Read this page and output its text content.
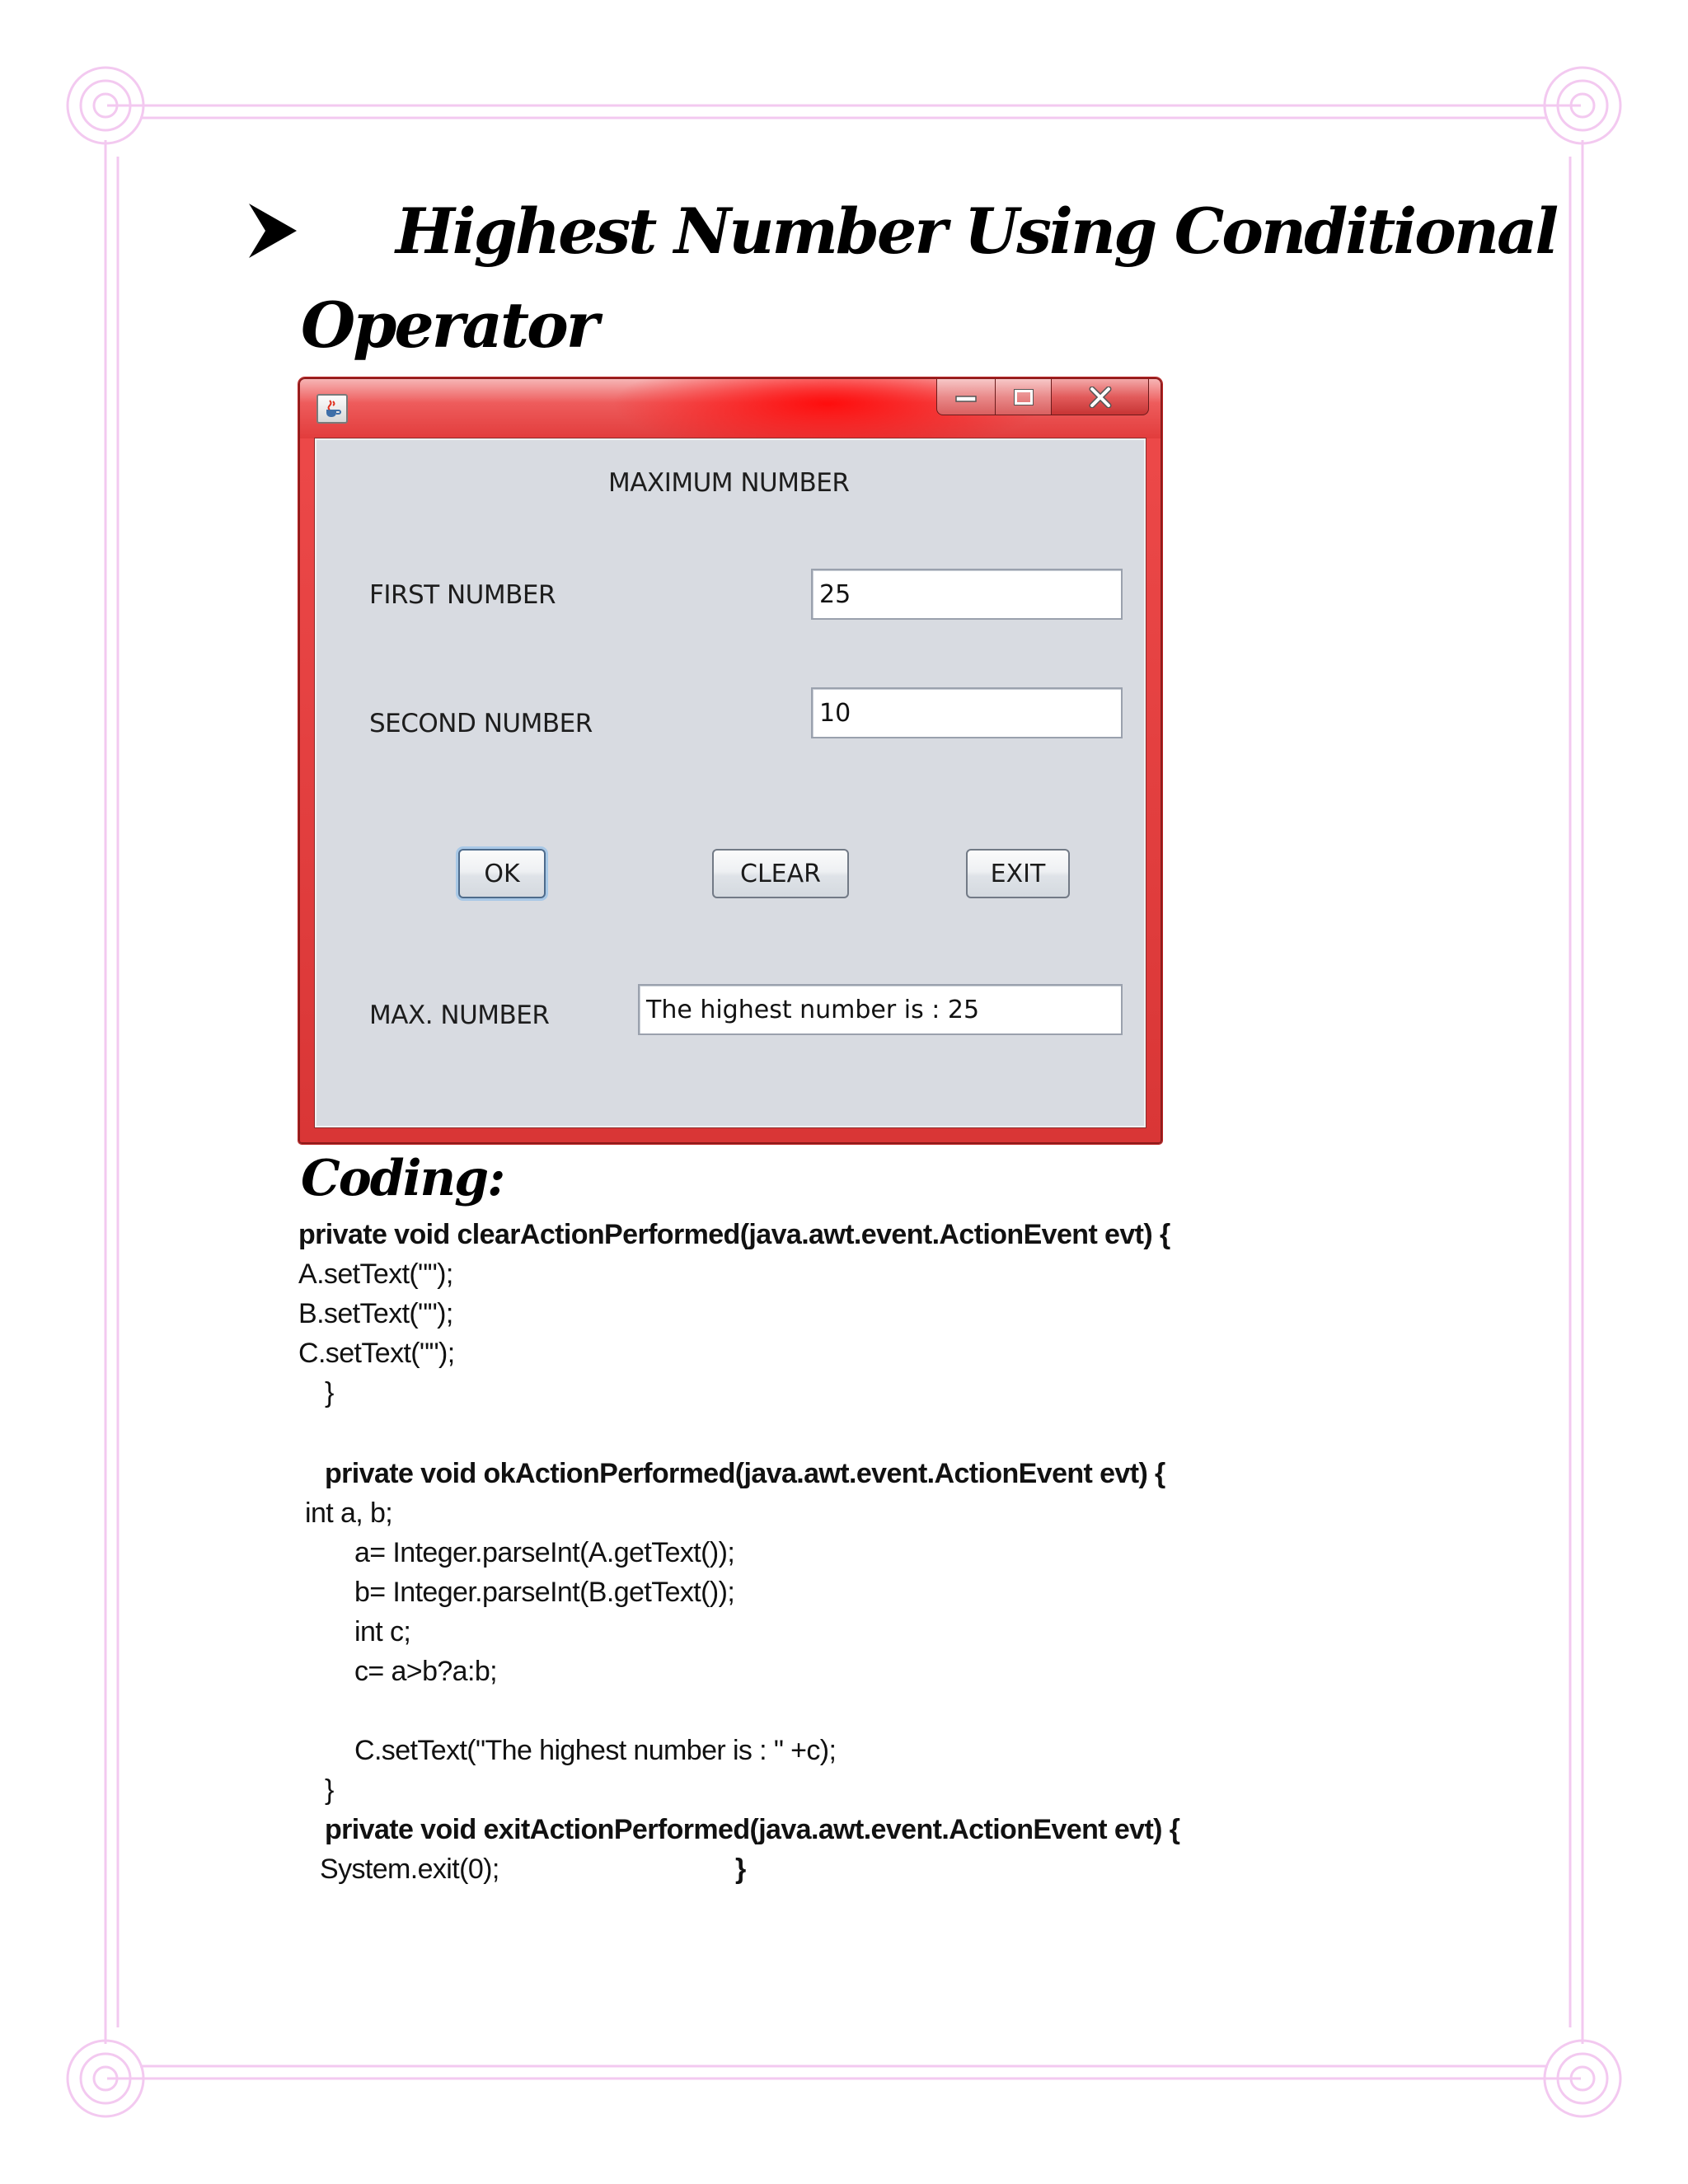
Highest Number Using Conditional
Operator
MAXIMUM NUMBER
FIRST NUMBER	25
SECOND NUMBER	10
OK	CLEAR	EXIT
MAX. NUMBER	The highest number is : 25
Coding:
private void clearActionPerformed(java.awt.event.ActionEvent evt) {
A.setText("");
B.setText("");
C.setText("");
}
private void okActionPerformed(java.awt.event.ActionEvent evt) {
int a, b;
a= Integer.parseInt(A.getText());
b= Integer.parseInt(B.getText());
int c;
c= a>b?a:b;
C.setText("The highest number is : " +c);
}
private void exitActionPerformed(java.awt.event.ActionEvent evt) {
System.exit(0);	}
